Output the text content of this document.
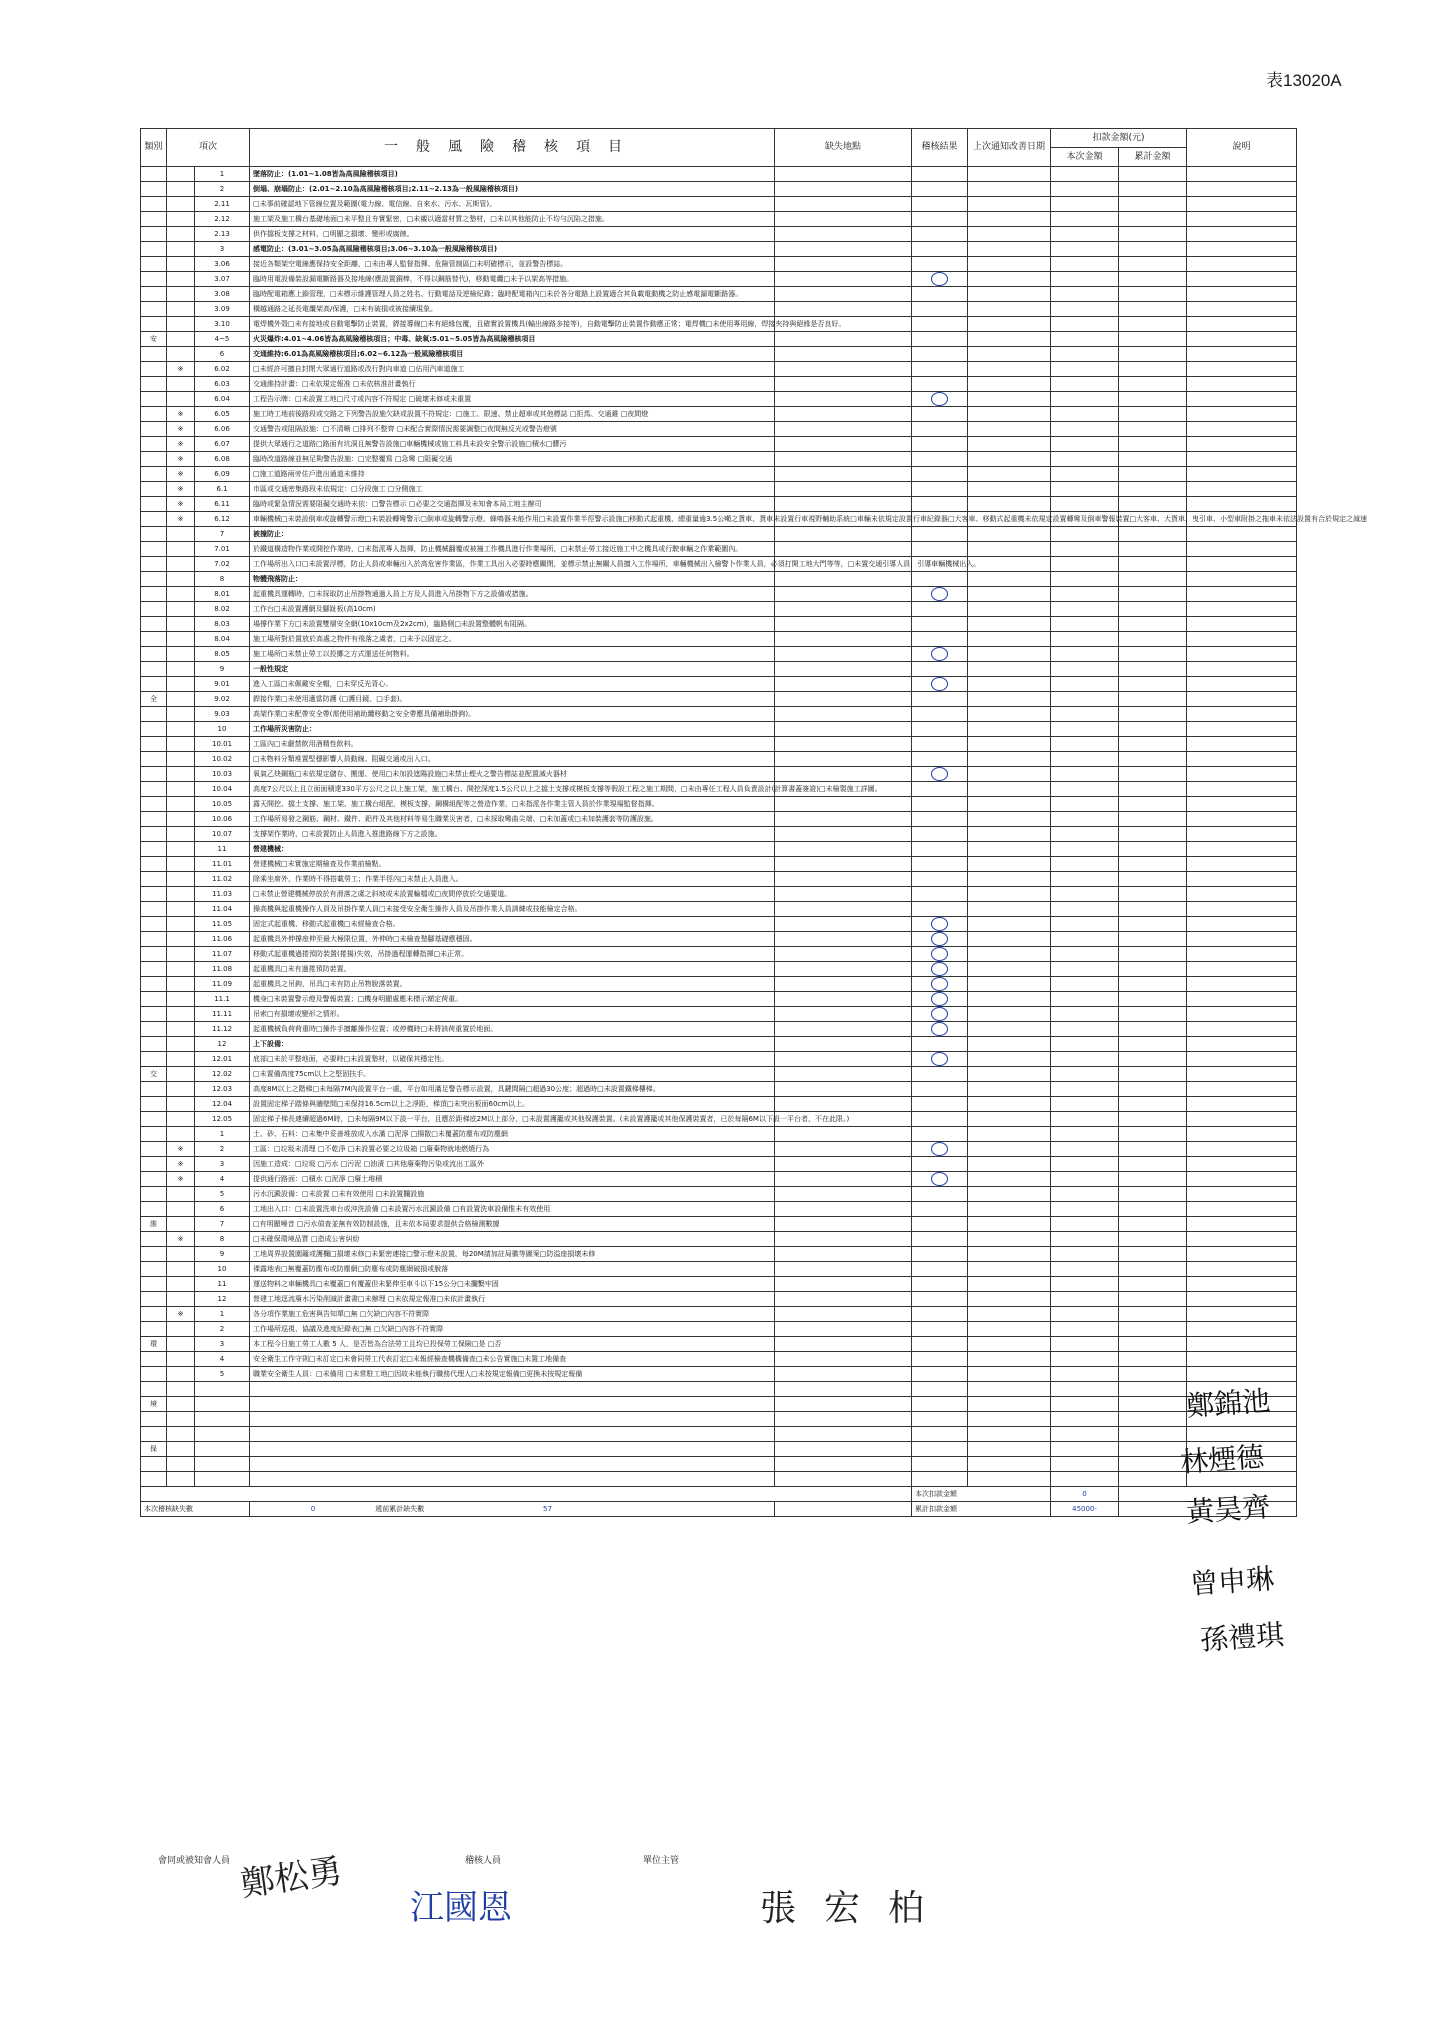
表13020A
類別	項次		一般風險稽核項目	缺失地點	稽核結果	上次通知改善日期	扣款金額(元)		說明
							本次金額	累計金額	
		1	墜落防止：(1.01~1.08皆為高風險稽核項目)						
		2	倒塌、崩塌防止：(2.01~2.10為高風險稽核項目;2.11~2.13為一般風險稽核項目)						
		2.11	□未事前確認地下管線位置及範圍(電力線、電信線、自來水、污水、瓦斯管)。						
		2.12	施工架及施工構台基礎地面□未平整且夯實緊密，□未襯以適當材質之墊材，□未以其他能防止不均勻沉陷之措施。						
		2.13	供作擋板支撐之材料，□明顯之損壞、變形或腐蝕。						
		3	感電防止：(3.01~3.05為高風險稽核項目;3.06~3.10為一般風險稽核項目)						
		3.06	接近各類架空電線應保持安全距離，□未由專人監督指揮、危險管制區□未明確標示，並設警告標誌。						
		3.07	臨時用電設備裝設漏電斷路器及接地線(應設置銅棒，不得以鋼筋替代)，移動電纜□未予以架高等措施。						
		3.08	臨時配電箱應上鎖管理，□未標示維護管理人員之姓名、行動電話及逆檢紀錄；臨時配電箱內□未於各分電路上設置適合其負載電動機之防止感電漏電斷路器。						
		3.09	橫越通路之延長電纜架高/保護，□未有破損或被接續現象。						
		3.10	電焊機外殼□未有接地或自動電擊防止裝置，銲接導線□未有絕緣包覆，且確實設置機具(輸出線路多接等)，自動電擊防止裝置作動應正常；電焊機□未使用專用線，焊接夾持與絕緣是否良好。						
安		4~5	火災爆炸:4.01~4.06皆為高風險稽核項目；中毒、缺氧:5.01~5.05皆為高風險稽核項目						
		6	交通維持:6.01為高風險稽核項目;6.02~6.12為一般風險稽核項目						
	※	6.02	□未經許可擅自封閉大眾通行道路或改行對向車道 □佔用汽車道施工						
		6.03	交通維持計畫：□未依規定報准 □未依核准計畫執行						
		6.04	工程告示牌：□未設置工地□尺寸或內容不符規定 □破壞未修或未重置						
	※	6.05	施工時工地前後路段或交路之下列警告設施欠缺或設置不符規定：□施工、限速、禁止超車或其他標誌 □拒馬、交通錐 □夜間燈						
	※	6.06	交通警告或阻隔設施：□不清晰 □排列不整齊 □未配合實際情況需要調整□夜間無反光或警告燈號						
	※	6.07	提供大眾通行之道路□路面有坑洞且無警告設施□車輛機械或施工料具未設安全警示設施□積水□髒污						
	※	6.08	臨時改道路線並無足夠警告設施：□完整覆寫 □急彎 □阻礙交通						
	※	6.09	□施工道路兩旁住戶進出通道未維持						
	※	6.1	市區或交通密集路段未依規定：□分段施工 □分側施工						
	※	6.11	臨時或緊急情況需要阻礙交通時未依：□警告標示 □必要之交通指揮及未知會本局工地主辦司						
	※	6.12	車輛機械□未裝設倒車或旋轉警示燈□未裝設轉彎警示□倒車或旋轉警示燈、蜂鳴器未能作用□未設置作業半徑警示設施□移動式起重機、總重量逾3.5公噸之貨車、貨車未設置行車視野輔助系統□車輛未依規定設置行車紀錄器□大客車、移動式起重機未依規定設置轉彎及倒車警報裝置□大客車、大貨車、曳引車、小型車附掛之拖車未依法設置有合於規定之減速						
		7	被撞防止：						
		7.01	於鐵道構造物作業或開挖作業時，□未指派專人指揮，防止機械翻覆或被撞工作機具進行作業場所，□未禁止勞工接近施工中之機具或行駛車輛之作業範圍內。						
		7.02	工作場所出入口□未設置浮標，防止人員或車輛出入於高危害作業區，作業工具出入必要時應關閉，並標示禁止無關人員擅入工作場所，車輛機械出入檢警卜作業人員，必須打開工地大門等等，□未置交通引導人員，引導車輛機械出入。						
		8	物體飛落防止：						
		8.01	起重機具運轉時，□未採取防止吊掛物通過人員上方及人員進入吊掛物下方之設備或措施。						
		8.02	工作台□未設置護網及腳趾板(高10cm)						
		8.03	場撐作業下方□未設置雙層安全網(10x10cm及2x2cm)，臨路側□未設置整體帆布阻隔。						
		8.04	施工場所對於置放於高處之物件有飛落之虞者，□未予以固定之。						
		8.05	施工場所□未禁止勞工以投擲之方式運送任何物料。						
		9	一般性規定						
		9.01	進入工區□未佩戴安全帽，□未穿反光背心。						
全		9.02	銲接作業□未使用適當防護 (□護目鏡、□手套)。						
		9.03	高架作業□未配帶安全帶(需使用補助纜移動之安全帶應具備補助掛鉤)。						
		10	工作場所災害防止：						
		10.01	工區內□未嚴禁飲用酒精性飲料。						
		10.02	□未物料分類堆置堅穩影響人員動線、阻礙交通或出入口。						
		10.03	氧氣乙炔鋼瓶□未依規定儲存、搬運、使用□未加設遮陽設施□未禁止煙火之警告標誌並配置滅火器材						
		10.04	高度7公尺以上且立面面積達330平方公尺之以上施工架，施工構台、開挖深度1.5公尺以上之擋土支撐或模板支撐等假設工程之施工期間，□未由專任工程人員負責設計(計算書蓋簽證)□未檢製施工詳圖。						
		10.05	露天開挖、擋土支撐、施工架、施工構台組配，模板支撐，鋼構組配等之營造作業，□未指派各作業主管人員於作業現場監督指揮。						
		10.06	工作場所易發之鋼筋、鋼材、鐵件、鋁件及其他材料等易生職業災害者，□未採取彎曲尖端、□未加蓋或□未加裝護套等防護設施。						
		10.07	支撐架作業時，□未設置防止人員進入推進路線下方之設施。						
		11	營建機械：						
		11.01	營建機械□未實施定期檢查及作業前檢點。						
		11.02	除乘坐席外，作業時不得搭載勞工；作業半徑內□未禁止人員進入。						
		11.03	□未禁止營建機械停放於有滑落之虞之斜坡或未設置輪檔或□夜間停放於交通要道。						
		11.04	操高機與起重機操作人員及吊掛作業人員□未接受安全衛生操作人員及吊掛作業人員訓練或技能檢定合格。						
		11.05	固定式起重機、移動式起重機□未經檢查合格。						
		11.06	起重機具外伸撐座伸至最大極限位置，外伸時□未檢查墊腳基礎應穩固。						
		11.07	移動式起重機過捲預防裝置(捲揚)失效，吊掛過程運轉指揮□未正常。						
		11.08	起重機具□未有過捲預防裝置。						
		11.09	起重機具之吊鉤，吊具□未有防止吊物脫落裝置。						
		11.1	機身□未裝置警示燈及警報裝置；□機身明顯處應未標示額定荷重。						
		11.11	吊索□有損壞或變形之情形。						
		11.12	起重機械負荷荷重時□操作手擅離操作位置；或停機時□未將該荷重置於地面。						
		12	上下設備：						
		12.01	底部□未於平整地面，必要時□未設置墊材，以確保其穩定性。						
交		12.02	□未置備高度75cm以上之堅固扶手。						
		12.03	高度8M以上之階梯□未每隔7M內設置平台一處，平台如用滿足警告標示設置，具鍵間隔□超過30公度；超過時□未設置鐵梯樓梯。						
		12.04	設置固定梯子踏條與牆壁間□未保持16.5cm以上之淨距，梯頂□未突出板面60cm以上。						
		12.05	固定梯子梯長連續超過6M時，□未每隔9M以下設一平台，且應於距梯底2M以上部分，□未設置護籠或其他保護裝置。(未設置護籠或其他保護裝置者，已於每隔6M以下設一平台者，不在此限。)						
		1	土、砂、石料：□未集中妥善堆放或入水滿 □泥濘 □揚散□未覆蓋防塵布或防塵網						
	※	2	工區：□垃圾未清理 □不乾淨 □未設置必要之垃圾箱 □廢棄物就地燃燒行為						
	※	3	因施工造成：□垃圾 □污水 □污泥 □油漬 □其他廢棄物污染或流出工區外						
	※	4	提供通行路面：□積水 □泥濘 □廢土堆積						
		5	污水沉澱設備：□未設置 □未有效使用 □未設置攔設施						
		6	工地出入口：□未設置洗車台或沖洗設備 □未設置污水沉澱設備 □有設置洗車設備惟未有效使用						
維		7	□有明顯噪音 □污水偵查並無有效防制設施，且未依本局要求提供合格檢測數據						
	※	8	□未確保環境品質 □造成公害糾紛						
		9	工地周界設置圍籬或護欄□損壞未修□未緊密連接□警示燈未設置，每20M請加註局徽等圖案□防溢座損壞未修						
		10	裸露地表□無覆蓋防塵布或防塵網□防塵布或防塵網破損或脫落						
		11	運送物料之車輛機具□未覆蓋□有覆蓋但未緊伸至車斗以下15公分□未攔繫牢固						
		12	營建工地逕流廢水污染削減計畫書□未辦理 □未依規定報准□未依計畫執行						
	※	1	各分項作業施工危害與告知單□無 □欠缺□內容不符實際						
		2	工作場所巡視、協議及進度紀錄表□無 □欠缺□內容不符實際						
環		3	本工程今日施工勞工人數 5 人，是否皆為合法勞工且均已投保勞工保險□是 □否						
		4	安全衛生工作守則□未訂定□未會同勞工代表訂定□未報經檢查機構備查□未公告實施□未置工地備查						
		5	職業安全衛生人員：□未備用 □未常駐工地□因故未能執行職務代理人□未按規定報備□更換未按規定報備						

境									

保									

					本次扣款金額		0		
本次稽核缺失數			0 遞前累計缺失數 57		累計扣款金額		45000-		
會同或被知會人員	稽核人員	單位主管
鄭松勇
江國恩	張宏柏
鄭錦池
林煙德
黃昊齊
曾申琳
孫禮琪
